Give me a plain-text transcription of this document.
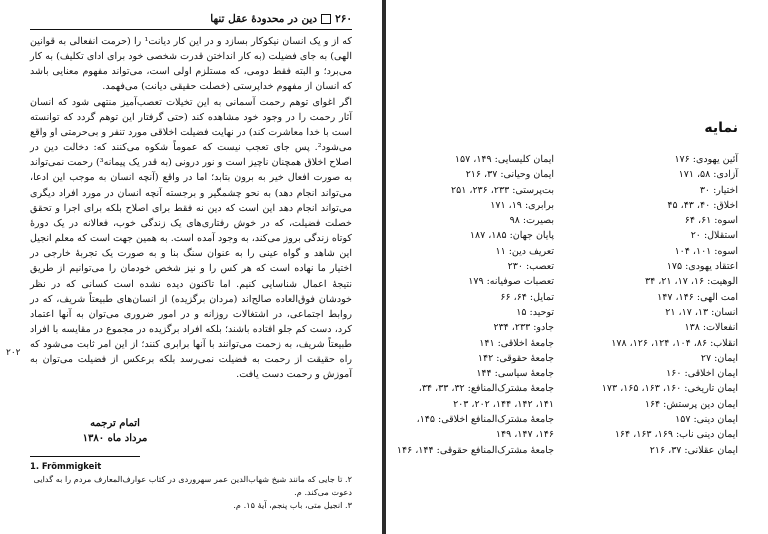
۲۶۰
دین در محدودهٔ عقل تنها

که از و یک انسان نیکوکار بسازد و در این کار دیانت¹ را (حرمت انفعالی به قوانین الهی) به جای فضیلت (به کار انداختن قدرت شخصی خود برای ادای تکلیف) به کار می‌برد؛ و البته فقط دومی، که مستلزم اولی است، می‌تواند مفهوم معنایی باشد که انسان از مفهوم خداپرستی (خصلت حقیقی دیانت) می‌فهمد.

اگر اغوای توهم رحمت آسمانی به این تخیلات تعصب‌آمیز منتهی شود که انسان آثار رحمت را در وجود خود مشاهده کند (حتی گرفتار این توهم گردد که توانسته است با خدا معاشرت کند) در نهایت فضیلت اخلاقی مورد تنفر و بی‌حرمتی او واقع می‌شود². پس جای تعجب نیست که عموماً شکوه می‌کنند که: دخالت دین در اصلاح اخلاق همچنان ناچیز است و نور درونی (به قدر یک پیمانه³) رحمت نمی‌تواند به صورت افعال خیر به برون بتابد؛ اما در واقع (آنچه انسان به موجب این ادعا، می‌تواند انجام دهد) به نحو چشمگیر و برجسته آنچه انسان در مورد افراد دیگری می‌تواند انجام دهد این است که دین نه فقط برای اصلاح بلکه برای اجرا و تحقق خصلت فضیلت، که در خوش رفتاری‌های یک زندگی خوب، فعالانه در یک دورهٔ کوتاه زندگی بروز می‌کند، به وجود آمده است. به همین جهت است که معلم انجیل این شاهد و گواه عینی را به عنوان سنگ بنا و به صورت یک تجربهٔ خارجی در اختیار ما نهاده است که هر کس را و نیز شخص خودمان را می‌توانیم از طریق نتیجهٔ اعمال شناسایی کنیم. اما تاکنون دیده نشده است کسانی که در نظر خودشان فوق‌العاده صالح‌اند (مردان برگزیده) از انسان‌های طبیعتاً شریف، که در روابط اجتماعی، در اشتغالات روزانه و در امور ضروری می‌توان به آنها اعتماد کرد، دست کم جلو افتاده باشند؛ بلکه افراد برگزیده در مجموع در مقایسه با افراد طبیعتاً شریف، به زحمت می‌توانند با آنها برابری کنند؛ از این امر ثابت می‌شود که راه حقیقت از رحمت به فضیلت نمی‌رسد بلکه برعکس از فضیلت می‌توان به آموزش و رحمت دست یافت.

۲۰۲
اتمام ترجمه
مرداد ماه ۱۳۸۰
1. Frömmigkeit
۲. تا جایی که مانند شیخ شهاب‌الدین عمر سهروردی در کتاب عوارف‌المعارف مردم را به گدایی دعوت می‌کند. م.
۳. انجیل متی، باب پنجم، آیهٔ ۱۵. م.
نمایه
آئین یهودی: ۱۷۶
آزادی: ۵۸، ۱۷۱
اختیار: ۳۰
اخلاق: ۴۰، ۴۳، ۴۵
اسوه: ۶۱، ۶۴
استقلال: ۲۰
اسوه: ۱۰۱، ۱۰۴
اعتقاد یهودی: ۱۷۵
الوهیت: ۱۶، ۱۷، ۲۱، ۳۴
امت الهی: ۱۴۶، ۱۴۷
انسان: ۱۳، ۱۷، ۲۱
انفعالات: ۱۳۸
انقلاب: ۸۶، ۱۰۴، ۱۲۴، ۱۲۶، ۱۷۸
ایمان: ۲۷
ایمان اخلاقی: ۱۶۰
ایمان تاریخی: ۱۶۰، ۱۶۳، ۱۶۵، ۱۷۳
ایمان دین پرستش: ۱۶۴
ایمان دینی: ۱۵۷
ایمان دینی ناب: ۱۶۹، ۱۶۳، ۱۶۴
ایمان عقلانی: ۳۷، ۲۱۶
ایمان کلیسایی: ۱۴۹، ۱۵۷
ایمان وحیانی: ۳۷، ۲۱۶
بت‌پرستی: ۲۳۳، ۲۳۶، ۲۵۱
برابری: ۱۹، ۱۷۱
بصیرت: ۹۸
پایان جهان: ۱۸۵، ۱۸۷
تعریف دین: ۱۱
تعصب: ۲۳۰
تعصبات صوفیانه: ۱۷۹
تمایل: ۶۴، ۶۶
توحید: ۱۵
جادو: ۲۳۳، ۲۳۴
جامعهٔ اخلاقی: ۱۴۱
جامعهٔ حقوقی: ۱۴۲
جامعهٔ سیاسی: ۱۴۴
جامعهٔ مشترک‌المنافع: ۳۲، ۳۳، ۳۴، ۱۴۱، ۱۴۲، ۱۴۴، ۲۰۲، ۲۰۳
جامعهٔ مشترک‌المنافع اخلاقی: ۱۴۵، ۱۴۶، ۱۴۷، ۱۴۹
جامعهٔ مشترک‌المنافع حقوقی: ۱۴۴، ۱۴۶
